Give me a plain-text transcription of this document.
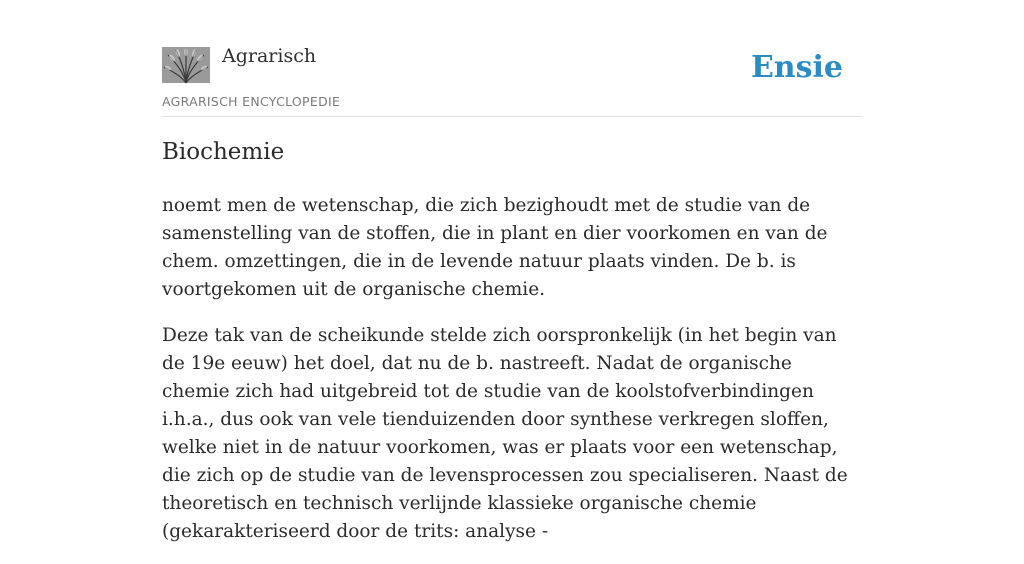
Agrarisch
AGRARISCH ENCYCLOPEDIE
Ensie
Biochemie

noemt men de wetenschap, die zich bezighoudt met de studie van de samenstelling van de stoffen, die in plant en dier voorkomen en van de chem. omzettingen, die in de levende natuur plaats vinden. De b. is voortgekomen uit de organische chemie.

Deze tak van de scheikunde stelde zich oorspronkelijk (in het begin van de 19e eeuw) het doel, dat nu de b. nastreeft. Nadat de organische chemie zich had uitgebreid tot de studie van de koolstofverbindingen i.h.a., dus ook van vele tienduizenden door synthese verkregen sloffen, welke niet in de natuur voorkomen, was er plaats voor een wetenschap, die zich op de studie van de levensprocessen zou specialiseren. Naast de theoretisch en technisch verlijnde klassieke organische chemie (gekarakteriseerd door de trits: analyse -
